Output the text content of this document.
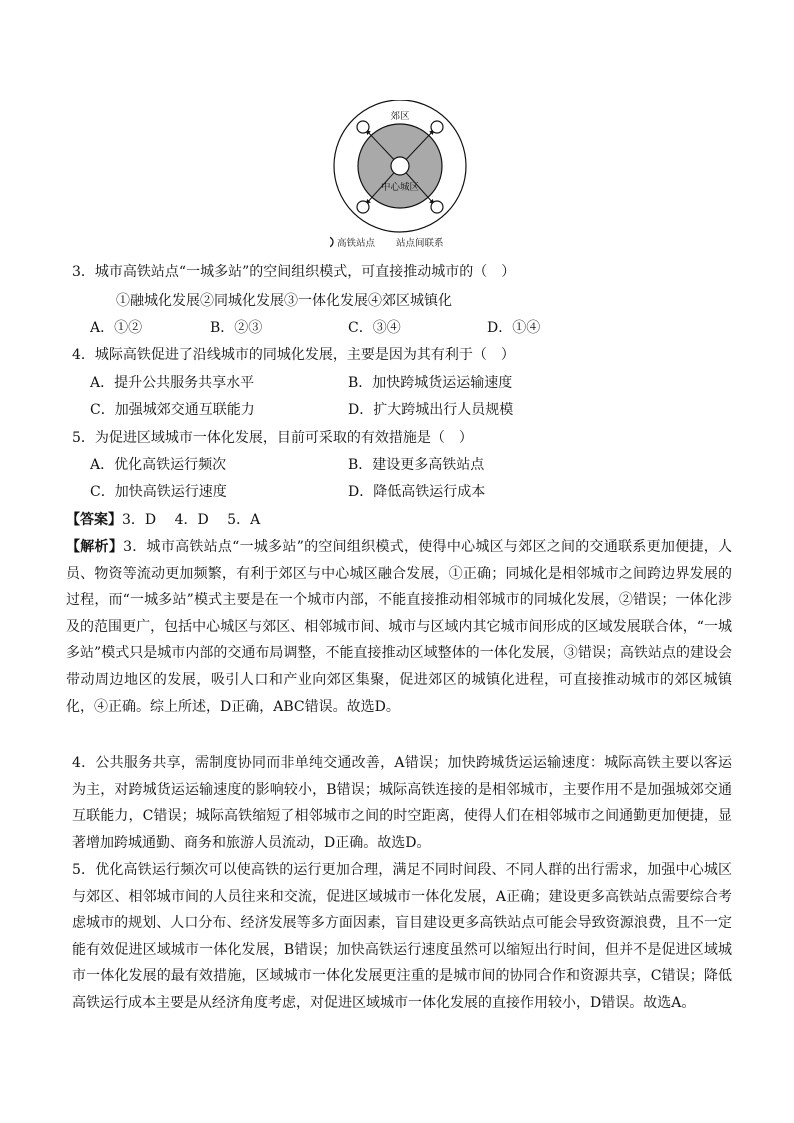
郊区
中心城区
高铁站点 站点间联系
3．城市高铁站点“一城多站”的空间组织模式，可直接推动城市的（　）
①融城化发展②同城化发展③一体化发展④郊区城镇化
A．①②	B．②③	C．③④	D．①④
4．城际高铁促进了沿线城市的同城化发展，主要是因为其有利于（　）
A．提升公共服务共享水平	B．加快跨城货运运输速度
C．加强城郊交通互联能力	D．扩大跨城出行人员规模
5．为促进区域城市一体化发展，目前可采取的有效措施是（　）
A．优化高铁运行频次	B．建设更多高铁站点
C．加快高铁运行速度	D．降低高铁运行成本
【答案】3．D　 4．D　 5．A
【解析】3．城市高铁站点“一城多站”的空间组织模式，使得中心城区与郊区之间的交通联系更加便捷，人员、物资等流动更加频繁，有利于郊区与中心城区融合发展，①正确；同城化是相邻城市之间跨边界发展的过程，而“一城多站”模式主要是在一个城市内部，不能直接推动相邻城市的同城化发展，②错误；一体化涉及的范围更广，包括中心城区与郊区、相邻城市间、城市与区域内其它城市间形成的区域发展联合体，“一城多站”模式只是城市内部的交通布局调整，不能直接推动区域整体的一体化发展，③错误；高铁站点的建设会带动周边地区的发展，吸引人口和产业向郊区集聚，促进郊区的城镇化进程，可直接推动城市的郊区城镇化，④正确。综上所述，D正确，ABC错误。故选D。
4．公共服务共享，需制度协同而非单纯交通改善，A错误；加快跨城货运运输速度：城际高铁主要以客运为主，对跨城货运运输速度的影响较小，B错误；城际高铁连接的是相邻城市，主要作用不是加强城郊交通互联能力，C错误；城际高铁缩短了相邻城市之间的时空距离，使得人们在相邻城市之间通勤更加便捷，显著增加跨城通勤、商务和旅游人员流动，D正确。故选D。
5．优化高铁运行频次可以使高铁的运行更加合理，满足不同时间段、不同人群的出行需求，加强中心城区与郊区、相邻城市间的人员往来和交流，促进区域城市一体化发展，A正确；建设更多高铁站点需要综合考虑城市的规划、人口分布、经济发展等多方面因素，盲目建设更多高铁站点可能会导致资源浪费，且不一定能有效促进区域城市一体化发展，B错误；加快高铁运行速度虽然可以缩短出行时间，但并不是促进区域城市一体化发展的最有效措施，区域城市一体化发展更注重的是城市间的协同合作和资源共享，C错误；降低高铁运行成本主要是从经济角度考虑，对促进区域城市一体化发展的直接作用较小，D错误。故选A。
